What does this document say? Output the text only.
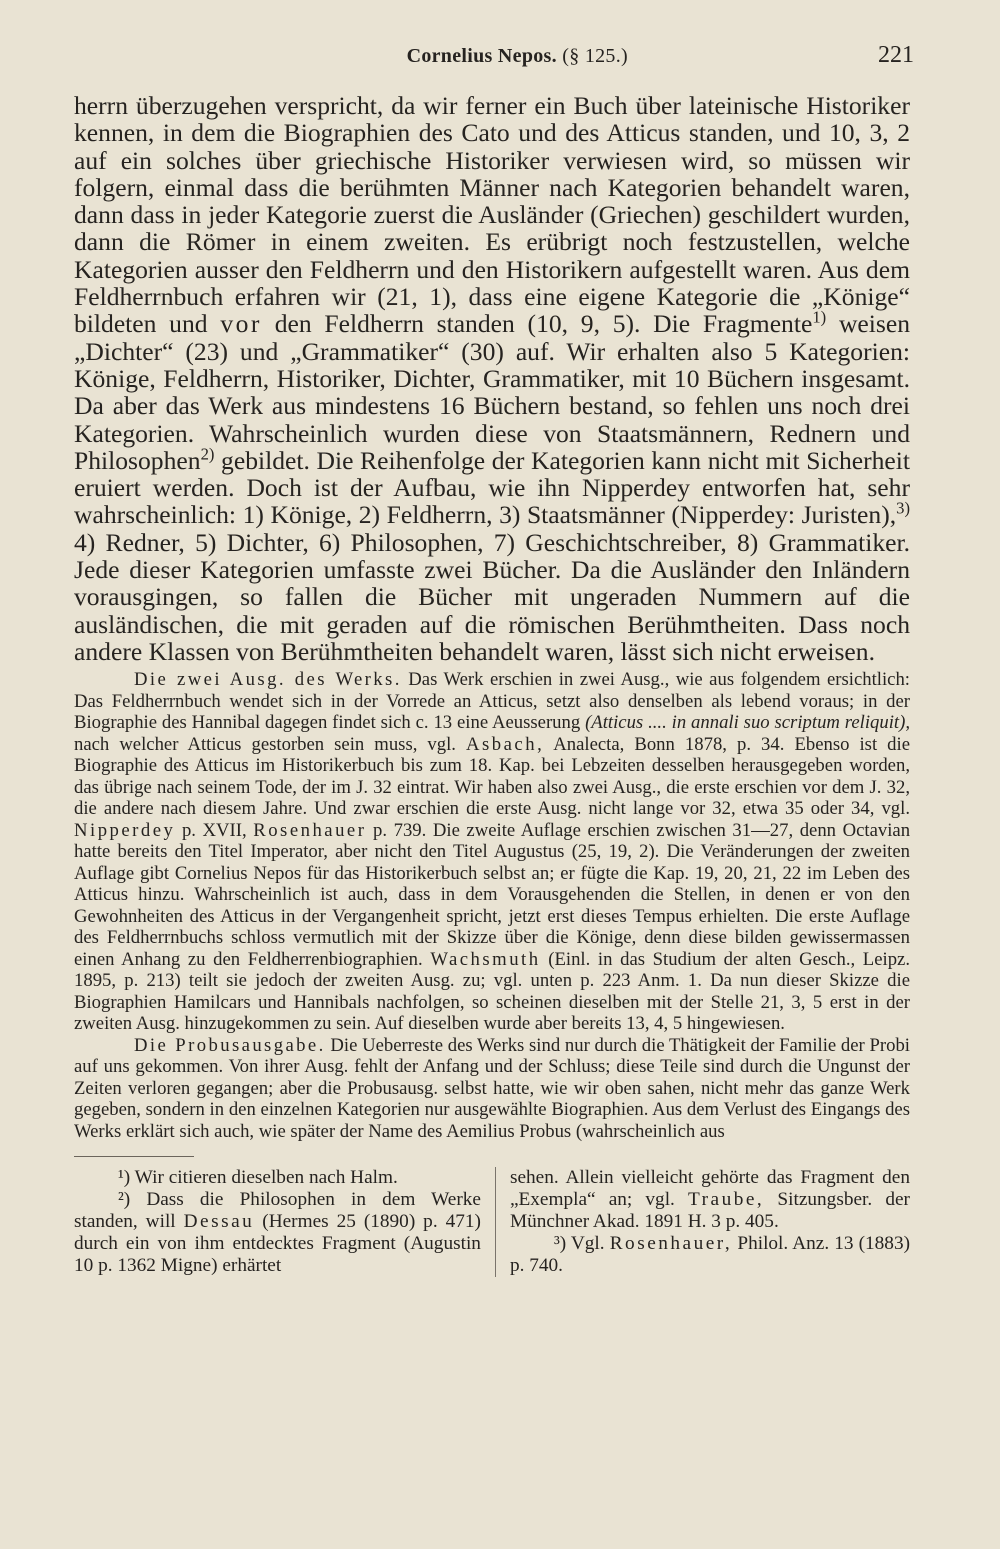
Cornelius Nepos. (§ 125.)	221

herrn überzugehen verspricht, da wir ferner ein Buch über lateinische Historiker kennen, in dem die Biographien des Cato und des Atticus standen, und 10, 3, 2 auf ein solches über griechische Historiker verwiesen wird, so müssen wir folgern, einmal dass die berühmten Männer nach Kategorien behandelt waren, dann dass in jeder Kategorie zuerst die Ausländer (Griechen) geschildert wurden, dann die Römer in einem zweiten. Es erübrigt noch festzustellen, welche Kategorien ausser den Feldherrn und den Historikern aufgestellt waren. Aus dem Feldherrnbuch erfahren wir (21, 1), dass eine eigene Kategorie die „Könige“ bildeten und vor den Feldherrn standen (10, 9, 5). Die Fragmente$^{1)}$ weisen „Dichter“ (23) und „Grammatiker“ (30) auf. Wir erhalten also 5 Kategorien: Könige, Feldherrn, Historiker, Dichter, Grammatiker, mit 10 Büchern insgesamt. Da aber das Werk aus mindestens 16 Büchern bestand, so fehlen uns noch drei Kategorien. Wahrscheinlich wurden diese von Staatsmännern, Rednern und Philosophen$^{2)}$ gebildet. Die Reihenfolge der Kategorien kann nicht mit Sicherheit eruiert werden. Doch ist der Aufbau, wie ihn Nipperdey entworfen hat, sehr wahrscheinlich: 1) Könige, 2) Feldherrn, 3) Staatsmänner (Nipperdey: Juristen),$^{3)}$ 4) Redner, 5) Dichter, 6) Philosophen, 7) Geschichtschreiber, 8) Grammatiker. Jede dieser Kategorien umfasste zwei Bücher. Da die Ausländer den Inländern vorausgingen, so fallen die Bücher mit ungeraden Nummern auf die ausländischen, die mit geraden auf die römischen Berühmtheiten. Dass noch andere Klassen von Berühmtheiten behandelt waren, lässt sich nicht erweisen.

Die zwei Ausg. des Werks. Das Werk erschien in zwei Ausg., wie aus folgendem ersichtlich: Das Feldherrnbuch wendet sich in der Vorrede an Atticus, setzt also denselben als lebend voraus; in der Biographie des Hannibal dagegen findet sich c. 13 eine Aeusserung (Atticus .... in annali suo scriptum reliquit), nach welcher Atticus gestorben sein muss, vgl. Asbach, Analecta, Bonn 1878, p. 34. Ebenso ist die Biographie des Atticus im Historikerbuch bis zum 18. Kap. bei Lebzeiten desselben herausgegeben worden, das übrige nach seinem Tode, der im J. 32 eintrat. Wir haben also zwei Ausg., die erste erschien vor dem J. 32, die andere nach diesem Jahre. Und zwar erschien die erste Ausg. nicht lange vor 32, etwa 35 oder 34, vgl. Nipperdey p. XVII, Rosenhauer p. 739. Die zweite Auflage erschien zwischen 31—27, denn Octavian hatte bereits den Titel Imperator, aber nicht den Titel Augustus (25, 19, 2). Die Veränderungen der zweiten Auflage gibt Cornelius Nepos für das Historikerbuch selbst an; er fügte die Kap. 19, 20, 21, 22 im Leben des Atticus hinzu. Wahrscheinlich ist auch, dass in dem Vorausgehenden die Stellen, in denen er von den Gewohnheiten des Atticus in der Vergangenheit spricht, jetzt erst dieses Tempus erhielten. Die erste Auflage des Feldherrnbuchs schloss vermutlich mit der Skizze über die Könige, denn diese bilden gewissermassen einen Anhang zu den Feldherrenbiographien. Wachsmuth (Einl. in das Studium der alten Gesch., Leipz. 1895, p. 213) teilt sie jedoch der zweiten Ausg. zu; vgl. unten p. 223 Anm. 1. Da nun dieser Skizze die Biographien Hamilcars und Hannibals nachfolgen, so scheinen dieselben mit der Stelle 21, 3, 5 erst in der zweiten Ausg. hinzugekommen zu sein. Auf dieselben wurde aber bereits 13, 4, 5 hingewiesen.

Die Probusausgabe. Die Ueberreste des Werks sind nur durch die Thätigkeit der Familie der Probi auf uns gekommen. Von ihrer Ausg. fehlt der Anfang und der Schluss; diese Teile sind durch die Ungunst der Zeiten verloren gegangen; aber die Probusausg. selbst hatte, wie wir oben sahen, nicht mehr das ganze Werk gegeben, sondern in den einzelnen Kategorien nur ausgewählte Biographien. Aus dem Verlust des Eingangs des Werks erklärt sich auch, wie später der Name des Aemilius Probus (wahrscheinlich aus

¹) Wir citieren dieselben nach Halm.
²) Dass die Philosophen in dem Werke standen, will Dessau (Hermes 25 (1890) p. 471) durch ein von ihm entdecktes Fragment (Augustin 10 p. 1362 Migne) erhärtet

sehen. Allein vielleicht gehörte das Fragment den „Exempla“ an; vgl. Traube, Sitzungsber. der Münchner Akad. 1891 H. 3 p. 405.
³) Vgl. Rosenhauer, Philol. Anz. 13 (1883) p. 740.
